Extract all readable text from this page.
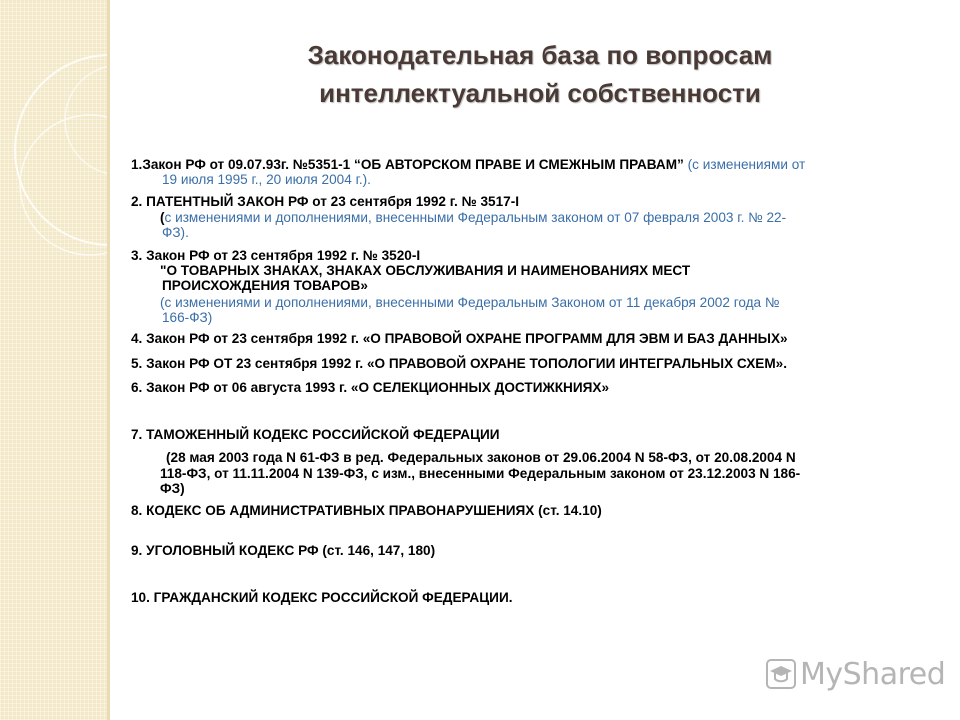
Законодательная база по вопросам
интеллектуальной собственности
1.Закон РФ от 09.07.93г. №5351-1 “ОБ АВТОРСКОМ ПРАВЕ И СМЕЖНЫМ ПРАВАМ” (с изменениями от
19 июля 1995 г., 20 июля 2004 г.).
2. ПАТЕНТНЫЙ ЗАКОН РФ от 23 сентября 1992 г. № 3517-I
(с изменениями и дополнениями, внесенными Федеральным законом от 07 февраля 2003 г. № 22-
ФЗ).
3. Закон РФ от 23 сентября 1992 г. № 3520-I
"О ТОВАРНЫХ ЗНАКАХ, ЗНАКАХ ОБСЛУЖИВАНИЯ И НАИМЕНОВАНИЯХ МЕСТ
ПРОИСХОЖДЕНИЯ ТОВАРОВ»
(с изменениями и дополнениями, внесенными Федеральным Законом от 11 декабря 2002 года №
166-ФЗ)
4. Закон РФ от 23 сентября 1992 г. «О ПРАВОВОЙ ОХРАНЕ ПРОГРАММ ДЛЯ ЭВМ И БАЗ ДАННЫХ»
5. Закон РФ ОТ 23 сентября 1992 г. «О ПРАВОВОЙ ОХРАНЕ ТОПОЛОГИИ ИНТЕГРАЛЬНЫХ СХЕМ».
6. Закон РФ от 06 августа 1993 г. «О СЕЛЕКЦИОННЫХ ДОСТИЖКНИЯХ»
7. ТАМОЖЕННЫЙ КОДЕКС РОССИЙСКОЙ ФЕДЕРАЦИИ
(28 мая 2003 года N 61-ФЗ в ред. Федеральных законов от 29.06.2004 N 58-ФЗ, от 20.08.2004 N
118-ФЗ, от 11.11.2004 N 139-ФЗ, с изм., внесенными Федеральным законом от 23.12.2003 N 186-
ФЗ)
8. КОДЕКС ОБ АДМИНИСТРАТИВНЫХ ПРАВОНАРУШЕНИЯХ (ст. 14.10)
9. УГОЛОВНЫЙ КОДЕКС РФ (ст. 146, 147, 180)
10. ГРАЖДАНСКИЙ КОДЕКС РОССИЙСКОЙ ФЕДЕРАЦИИ.
MyShared
